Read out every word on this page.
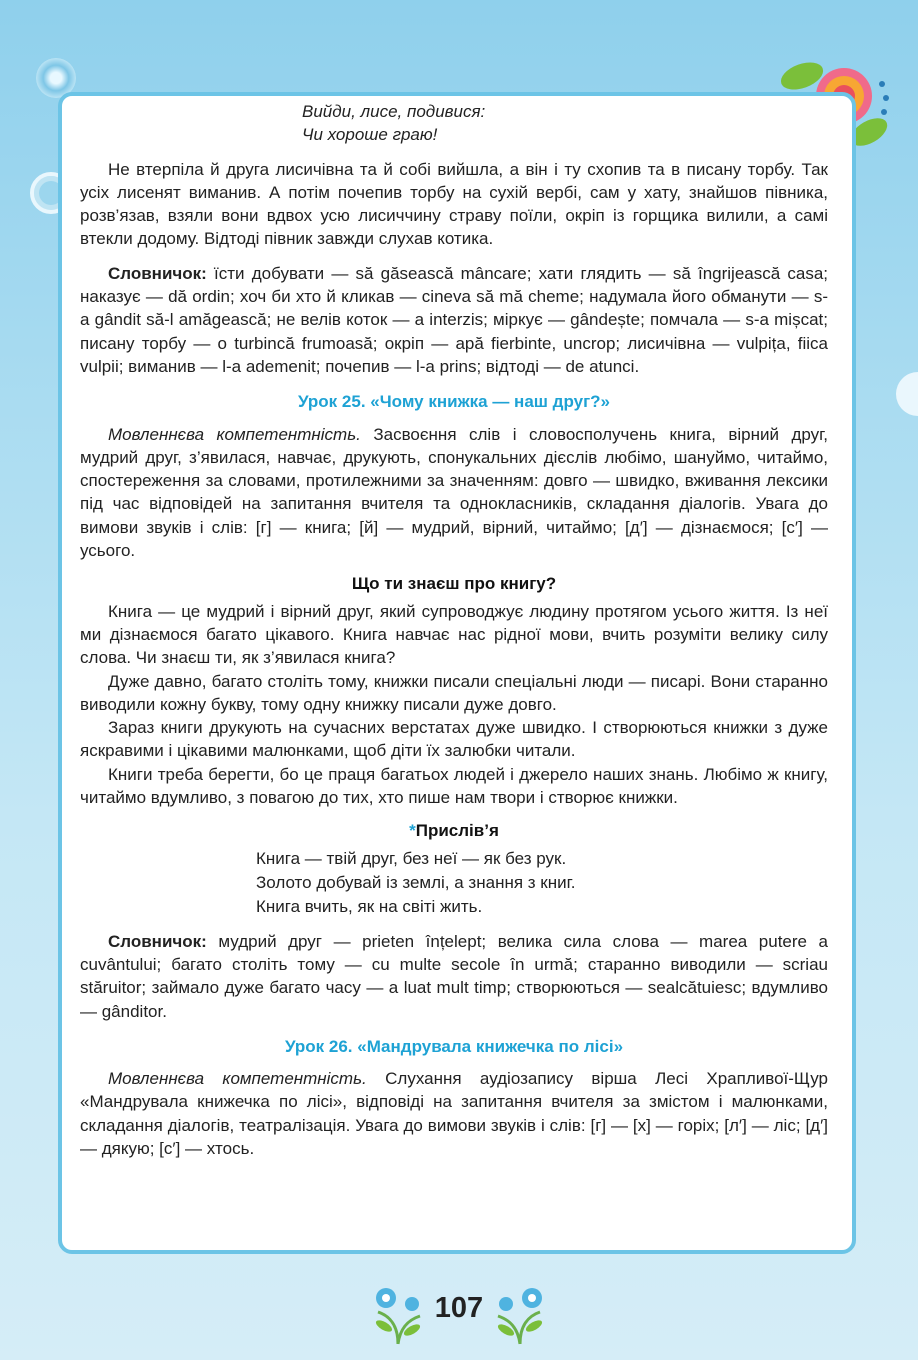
Вийди, лисе, подивися:
Чи хороше граю!

Не втерпіла й друга лисичівна та й собі вийшла, а він і ту схопив та в писану торбу. Так усіх лисенят виманив. А потім почепив торбу на сухій вербі, сам у хату, знайшов півника, розв’язав, взяли вони вдвох усю лисиччину страву поїли, окріп із горщика вилили, а самі втекли додому. Відтоді півник завжди слухав котика.

Словничок: їсти добувати — să găsească mâncare; хати глядить — să îngrijească casa; наказує — dă ordin; хоч би хто й кликав — cineva să mă cheme; надумала його обманути — s-a gândit să-l amăgească; не велів коток — a interzis; міркує — gândește; помчала — s-a mișcat; писану торбу — o turbincă frumoasă; окріп — apă fierbinte, uncrop; лисичівна — vulpița, fiica vulpii; виманив — l-a ademenit; почепив — l-a prins; відтоді — de atunci.

Урок 25. «Чому книжка — наш друг?»

Мовленнєва компетентність. Засвоєння слів і словосполучень книга, вірний друг, мудрий друг, з’явилася, навчає, друкують, спонукальних дієслів любімо, шануймо, читаймо, спостереження за словами, протилежними за значенням: довго — швидко, вживання лексики під час відповідей на запитання вчителя та однокласників, складання діалогів. Увага до вимови звуків і слів: [г] — книга; [й] — мудрий, вірний, читаймо; [д′] — дізнаємося; [с′] — усього.

Що ти знаєш про книгу?

Книга — це мудрий і вірний друг, який супроводжує людину протягом усього життя. Із неї ми дізнаємося багато цікавого. Книга навчає нас рідної мови, вчить розуміти велику силу слова. Чи знаєш ти, як з’явилася книга?

Дуже давно, багато століть тому, книжки писали спеціальні люди — писарі. Вони старанно виводили кожну букву, тому одну книжку писали дуже довго.

Зараз книги друкують на сучасних верстатах дуже швидко. І створюються книжки з дуже яскравими і цікавими малюнками, щоб діти їх залюбки читали.

Книги треба берегти, бо це праця багатьох людей і джерело наших знань. Любімо ж книгу, читаймо вдумливо, з повагою до тих, хто пише нам твори і створює книжки.

*Прислів’я
Книга — твій друг, без неї — як без рук.
Золото добувай із землі, а знання з книг.
Книга вчить, як на світі жить.

Словничок: мудрий друг — prieten înțelept; велика сила слова — marea putere a cuvântului; багато століть тому — cu multe secole în urmă; старанно виводили — scriau stăruitor; займало дуже багато часу — a luat mult timp; створюються — sealcătuiesc; вдумливо — gânditor.

Урок 26. «Мандрувала книжечка по лісі»

Мовленнєва компетентність. Слухання аудіозапису вірша Лесі Храпливої-Щур «Мандрувала книжечка по лісі», відповіді на запитання вчителя за змістом і малюнками, складання діалогів, театралізація. Увага до вимови звуків і слів: [г] — [х] — горіх; [л′] — ліс; [д′] — дякую; [с′] — хтось.

107
